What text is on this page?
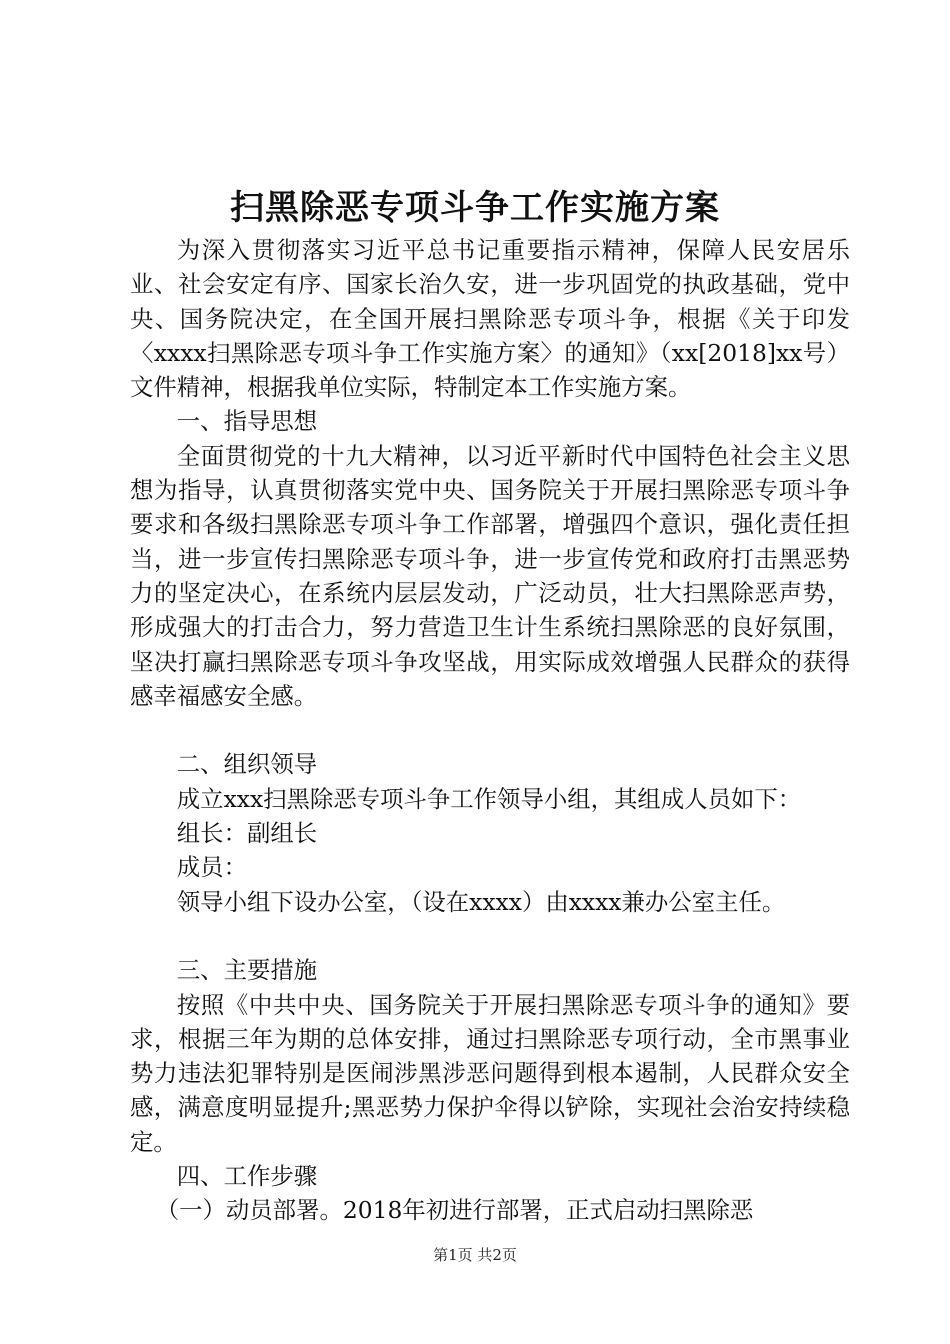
扫黑除恶专项斗争工作实施方案

为深入贯彻落实习近平总书记重要指示精神，保障人民安居乐业、社会安定有序、国家长治久安，进一步巩固党的执政基础，党中央、国务院决定，在全国开展扫黑除恶专项斗争，根据《关于印发〈xxxx扫黑除恶专项斗争工作实施方案〉的通知》（xx[2018]xx号）文件精神，根据我单位实际，特制定本工作实施方案。

一、指导思想

全面贯彻党的十九大精神，以习近平新时代中国特色社会主义思想为指导，认真贯彻落实党中央、国务院关于开展扫黑除恶专项斗争要求和各级扫黑除恶专项斗争工作部署，增强四个意识，强化责任担当，进一步宣传扫黑除恶专项斗争，进一步宣传党和政府打击黑恶势力的坚定决心，在系统内层层发动，广泛动员，壮大扫黑除恶声势，形成强大的打击合力，努力营造卫生计生系统扫黑除恶的良好氛围，坚决打赢扫黑除恶专项斗争攻坚战，用实际成效增强人民群众的获得感幸福感安全感。

二、组织领导

成立xxx扫黑除恶专项斗争工作领导小组，其组成人员如下：

组长：副组长

成员：

领导小组下设办公室，（设在xxxx）由xxxx兼办公室主任。

三、主要措施

按照《中共中央、国务院关于开展扫黑除恶专项斗争的通知》要求，根据三年为期的总体安排，通过扫黑除恶专项行动，全市黑事业势力违法犯罪特别是医闹涉黑涉恶问题得到根本遏制，人民群众安全感，满意度明显提升;黑恶势力保护伞得以铲除，实现社会治安持续稳定。

四、工作步骤

（一）动员部署。2018年初进行部署，正式启动扫黑除恶

第1页 共2页
